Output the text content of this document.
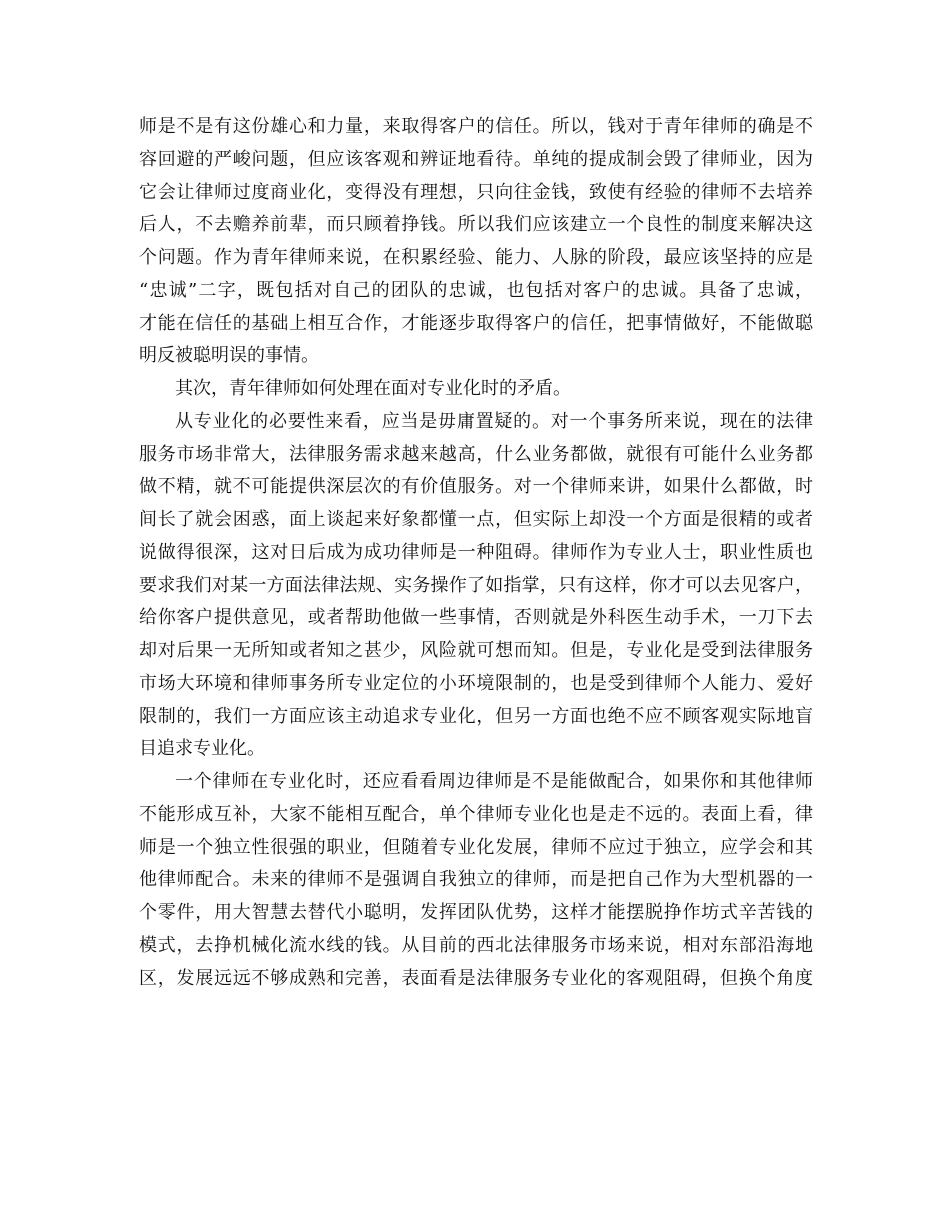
师是不是有这份雄心和力量，来取得客户的信任。所以，钱对于青年律师的确是不
容回避的严峻问题，但应该客观和辨证地看待。单纯的提成制会毁了律师业，因为
它会让律师过度商业化，变得没有理想，只向往金钱，致使有经验的律师不去培养
后人，不去赡养前辈，而只顾着挣钱。所以我们应该建立一个良性的制度来解决这
个问题。作为青年律师来说，在积累经验、能力、人脉的阶段，最应该坚持的应是
“忠诚”二字，既包括对自己的团队的忠诚，也包括对客户的忠诚。具备了忠诚，
才能在信任的基础上相互合作，才能逐步取得客户的信任，把事情做好，不能做聪
明反被聪明误的事情。
其次，青年律师如何处理在面对专业化时的矛盾。
从专业化的必要性来看，应当是毋庸置疑的。对一个事务所来说，现在的法律
服务市场非常大，法律服务需求越来越高，什么业务都做，就很有可能什么业务都
做不精，就不可能提供深层次的有价值服务。对一个律师来讲，如果什么都做，时
间长了就会困惑，面上谈起来好象都懂一点，但实际上却没一个方面是很精的或者
说做得很深，这对日后成为成功律师是一种阻碍。律师作为专业人士，职业性质也
要求我们对某一方面法律法规、实务操作了如指掌，只有这样，你才可以去见客户，
给你客户提供意见，或者帮助他做一些事情，否则就是外科医生动手术，一刀下去
却对后果一无所知或者知之甚少，风险就可想而知。但是，专业化是受到法律服务
市场大环境和律师事务所专业定位的小环境限制的，也是受到律师个人能力、爱好
限制的，我们一方面应该主动追求专业化，但另一方面也绝不应不顾客观实际地盲
目追求专业化。
一个律师在专业化时，还应看看周边律师是不是能做配合，如果你和其他律师
不能形成互补，大家不能相互配合，单个律师专业化也是走不远的。表面上看，律
师是一个独立性很强的职业，但随着专业化发展，律师不应过于独立，应学会和其
他律师配合。未来的律师不是强调自我独立的律师，而是把自己作为大型机器的一
个零件，用大智慧去替代小聪明，发挥团队优势，这样才能摆脱挣作坊式辛苦钱的
模式，去挣机械化流水线的钱。从目前的西北法律服务市场来说，相对东部沿海地
区，发展远远不够成熟和完善，表面看是法律服务专业化的客观阻碍，但换个角度
